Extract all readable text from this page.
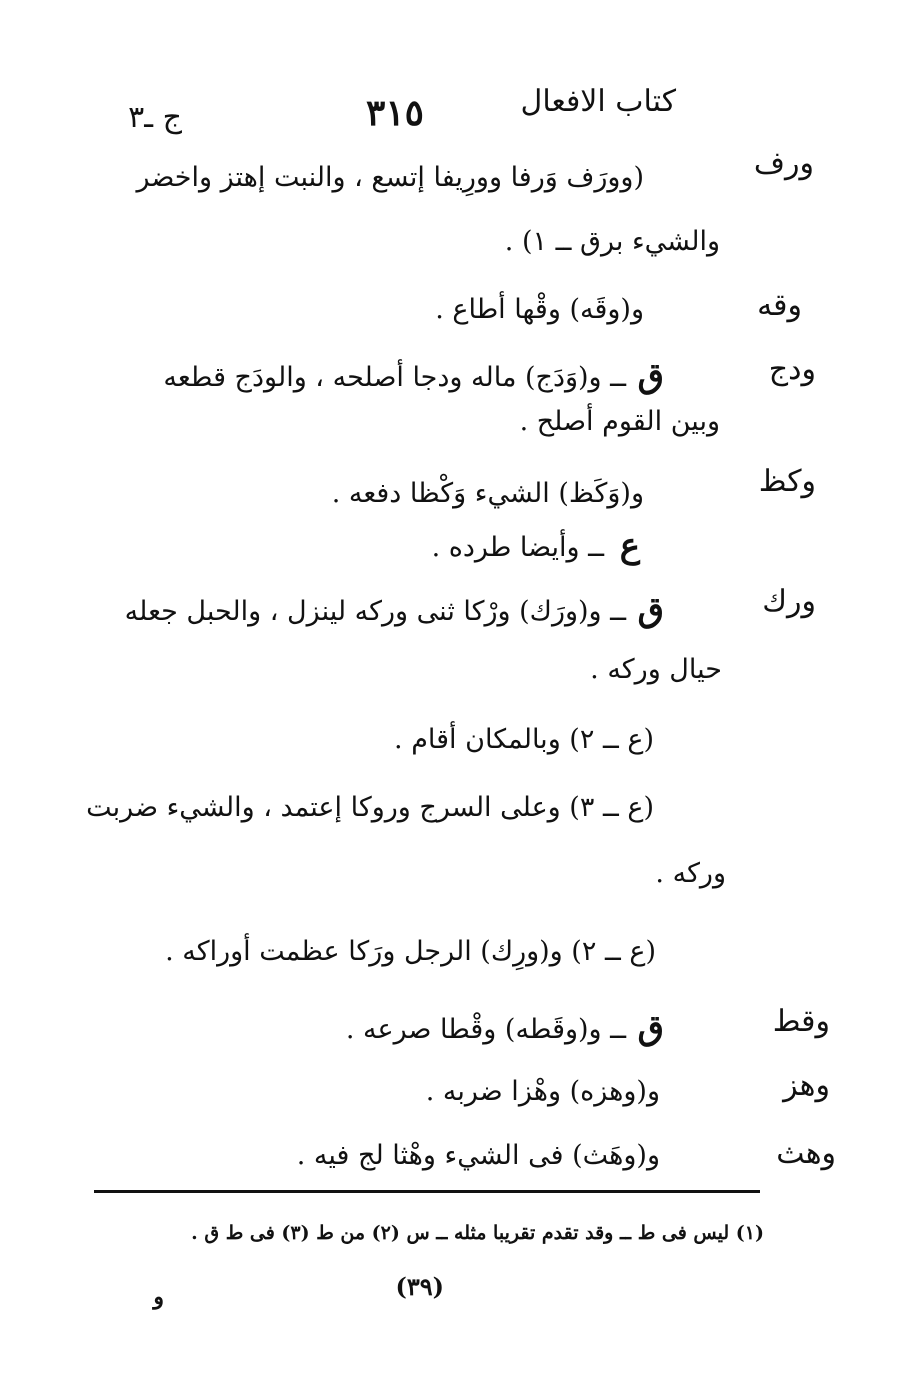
كتاب الافعال
٣١٥
ج ـ٣
ورف
(وورَف وَرفا وورِيفا إتسع ، والنبت إهتز واخضر
والشيء برق ــ ١) .
وقه
و(وقَه) وقْها أطاع .
ودج
ق
ــ و(وَدَج) ماله ودجا أصلحه ، والودَج قطعه
وبين القوم أصلح .
وكظ
و(وَكَظ) الشيء وَكْظا دفعه .
ع
ــ وأيضا طرده .
ورك
ق
ــ و(ورَك) ورْكا ثنى وركه لينزل ، والحبل جعله
حيال وركه .
(ع ــ ٢) وبالمكان أقام .
(ع ــ ٣) وعلى السرج وروكا إعتمد ، والشيء ضربت
وركه .
(ع ــ ٢) و(ورِك) الرجل ورَكا عظمت أوراكه .
وقط
ق
ــ و(وقَطه) وقْطا صرعه .
وهز
و(وهزه) وهْزا ضربه .
وهث
و(وهَث) فى الشيء وهْثا لج فيه .
(١) ليس فى ط ــ وقد تقدم تقريبا مثله ــ س (٢) من ط (٣) فى ط ق .
(٣٩)
و
